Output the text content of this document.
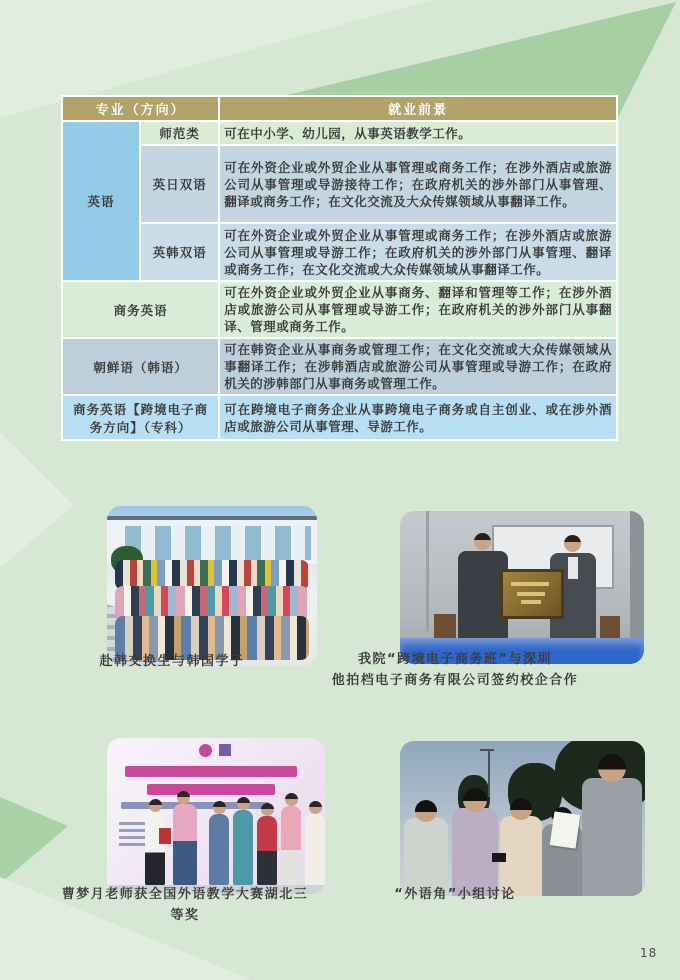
专业（方向）		就业前景
英语	师范类	可在中小学、幼儿园，从事英语教学工作。
	英日双语	可在外资企业或外贸企业从事管理或商务工作；在涉外酒店或旅游公司从事管理或导游接待工作；在政府机关的涉外部门从事管理、翻译或商务工作；在文化交流及大众传媒领域从事翻译工作。
	英韩双语	可在外资企业或外贸企业从事管理或商务工作；在涉外酒店或旅游公司从事管理或导游工作；在政府机关的涉外部门从事管理、翻译或商务工作；在文化交流或大众传媒领域从事翻译工作。
商务英语		可在外资企业或外贸企业从事商务、翻译和管理等工作；在涉外酒店或旅游公司从事管理或导游工作；在政府机关的涉外部门从事翻译、管理或商务工作。
朝鲜语（韩语）		可在韩资企业从事商务或管理工作；在文化交流或大众传媒领域从事翻译工作；在涉韩酒店或旅游公司从事管理或导游工作；在政府机关的涉韩部门从事商务或管理工作。
商务英语【跨境电子商务方向】（专科）		可在跨境电子商务企业从事跨境电子商务或自主创业、或在涉外酒店或旅游公司从事管理、导游工作。
赴韩交换生与韩国学子	我院“跨境电子商务班”与深圳
他拍档电子商务有限公司签约校企合作
曹梦月老师获全国外语教学大赛湖北三等奖
“外语角”小组讨论
18
